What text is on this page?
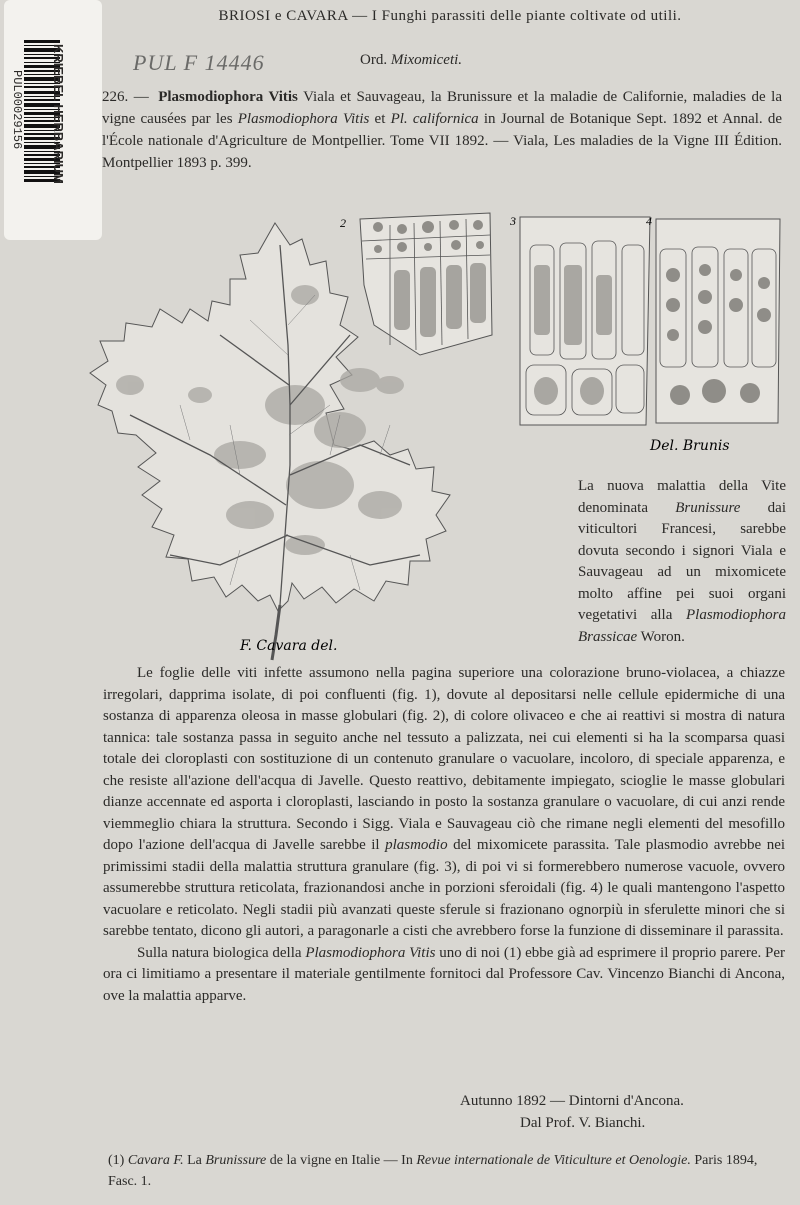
KRIEBEL HERBARIUM
PUL00029156
BRIOSI e CAVARA — I Funghi parassiti delle piante coltivate od utili.
PUL F 14446	Ord. Mixomiceti.
226. — Plasmodiophora Vitis Viala et Sauvageau, la Brunissure et la maladie de Californie, maladies de la vigne causées par les Plasmodiophora Vitis et Pl. californica in Journal de Botanique Sept. 1892 et Annal. de l'École nationale d'Agriculture de Montpellier. Tome VII 1892. — Viala, Les maladies de la Vigne III Édition. Montpellier 1893 p. 399.
F. Cavara del.
2	3	4
Del. Brunis
La nuova malattia della Vite denominata Brunissure dai viticultori Francesi, sarebbe dovuta secondo i signori Viala e Sauvageau ad un mixomicete molto affine pei suoi organi vegetativi alla Plasmodiophora Brassicae Woron.

Le foglie delle viti infette assumono nella pagina superiore una colorazione bruno-violacea, a chiazze irregolari, dapprima isolate, di poi confluenti (fig. 1), dovute al depositarsi nelle cellule epidermiche di una sostanza di apparenza oleosa in masse globulari (fig. 2), di colore olivaceo e che ai reattivi si mostra di natura tannica: tale sostanza passa in seguito anche nel tessuto a palizzata, nei cui elementi si ha la scomparsa quasi totale dei cloroplasti con sostituzione di un contenuto granulare o vacuolare, incoloro, di speciale apparenza, e che resiste all'azione dell'acqua di Javelle. Questo reattivo, debitamente impiegato, scioglie le masse globulari dianze accennate ed asporta i cloroplasti, lasciando in posto la sostanza granulare o vacuolare, di cui anzi rende viemmeglio chiara la struttura. Secondo i Sigg. Viala e Sauvageau ciò che rimane negli elementi del mesofillo dopo l'azione dell'acqua di Javelle sarebbe il plasmodio del mixomicete parassita. Tale plasmodio avrebbe nei primissimi stadii della malattia struttura granulare (fig. 3), di poi vi si formerebbero numerose vacuole, ovvero assumerebbe struttura reticolata, frazionandosi anche in porzioni sferoidali (fig. 4) le quali mantengono l'aspetto vacuolare e reticolato. Negli stadii più avanzati queste sferule si frazionano ognorpiù in sferulette minori che si sarebbe tentato, dicono gli autori, a paragonarle a cisti che avrebbero forse la funzione di disseminare il parassita.

Sulla natura biologica della Plasmodiophora Vitis uno di noi (1) ebbe già ad esprimere il proprio parere. Per ora ci limitiamo a presentare il materiale gentilmente fornitoci dal Professore Cav. Vincenzo Bianchi di Ancona, ove la malattia apparve.

Autunno 1892 — Dintorni d'Ancona.
Dal Prof. V. Bianchi.
(1) Cavara F. La Brunissure de la vigne en Italie — In Revue internationale de Viticulture et Oenologie. Paris 1894, Fasc. 1.
